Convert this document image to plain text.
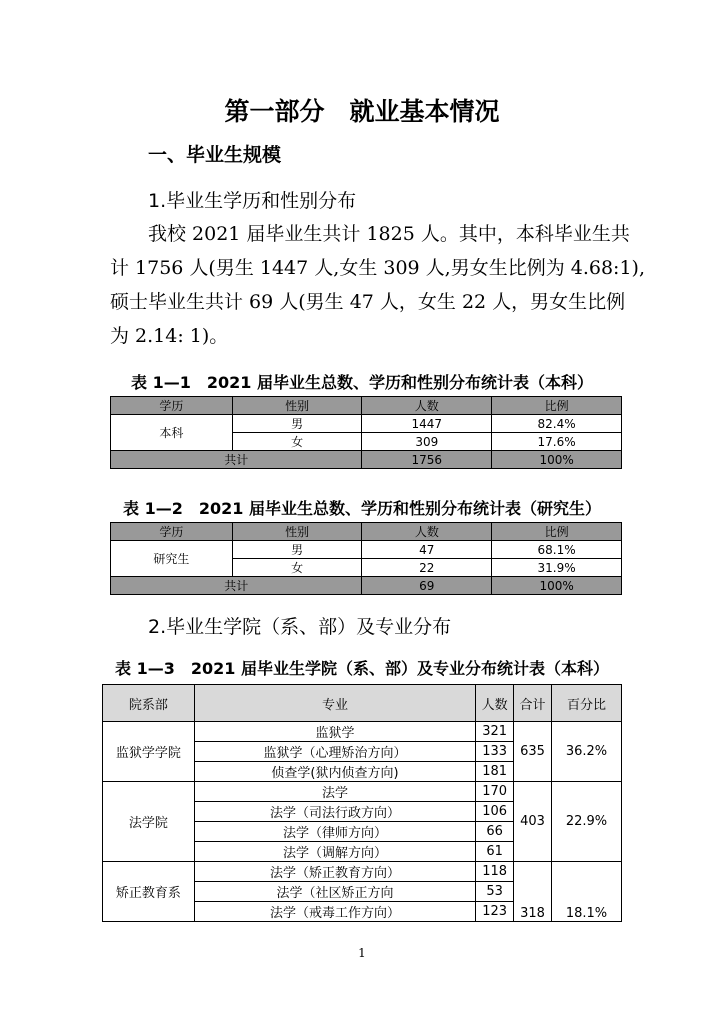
第一部分　就业基本情况
一、毕业生规模
1.毕业生学历和性别分布

　　我校 2021 届毕业生共计 1825 人。其中，本科毕业生共

计 1756 人(男生 1447 人,女生 309 人,男女生比例为 4.68:1),

硕士毕业生共计 69 人(男生 47 人，女生 22 人，男女生比例

为 2.14: 1)。

表 1—1　2021 届毕业生总数、学历和性别分布统计表（本科）
学历	性别	人数	比例
本科	男	1447	82.4%
	女	309	17.6%
共计		1756	100%
表 1—2　2021 届毕业生总数、学历和性别分布统计表（研究生）
学历	性别	人数	比例
研究生	男	47	68.1%
	女	22	31.9%
共计		69	100%
2.毕业生学院（系、部）及专业分布
表 1—3　2021 届毕业生学院（系、部）及专业分布统计表（本科）
院系部	专业	人数	合计	百分比
监狱学学院	监狱学	321	635	36.2%
	监狱学（心理矫治方向）	133		
	侦查学(狱内侦查方向)	181		
法学院	法学	170	403	22.9%
	法学（司法行政方向）	106		
	法学（律师方向）	66		
	法学（调解方向）	61		
矫正教育系	法学（矫正教育方向）	118	318	18.1%
	法学（社区矫正方向	53		
	法学（戒毒工作方向）	123		
1
